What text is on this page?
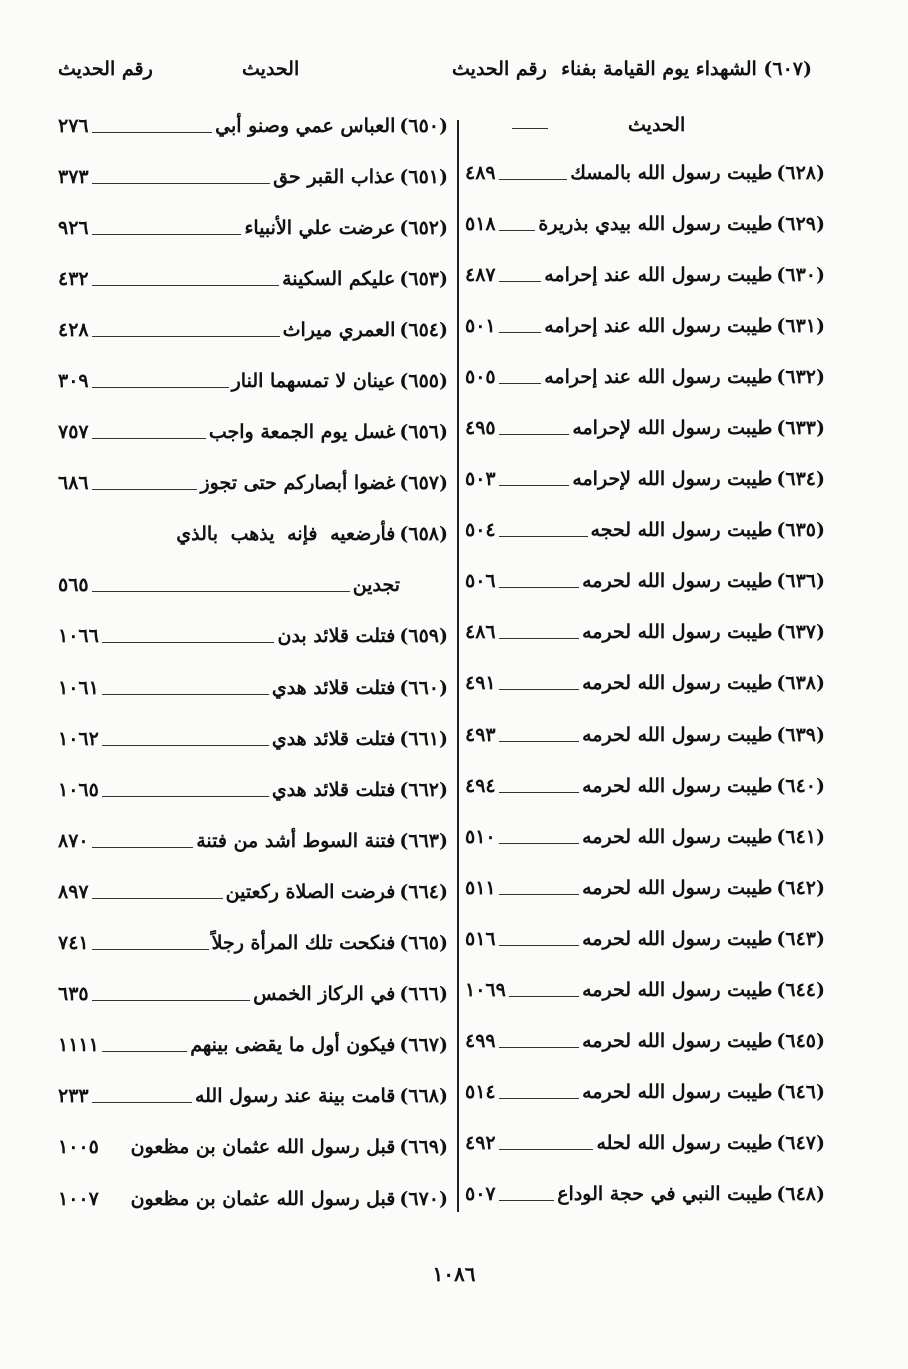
(٦٠٧) الشهداء يوم القيامة بفناء
رقم الحديث
الحديث
رقم الحديث
الحديث
(٦٢٨)
طيبت رسول الله بالمسك
٤٨٩
(٦٢٩)
طيبت رسول الله بيدي بذريرة
٥١٨
(٦٣٠)
طيبت رسول الله عند إحرامه
٤٨٧
(٦٣١)
طيبت رسول الله عند إحرامه
٥٠١
(٦٣٢)
طيبت رسول الله عند إحرامه
٥٠٥
(٦٣٣)
طيبت رسول الله لإحرامه
٤٩٥
(٦٣٤)
طيبت رسول الله لإحرامه
٥٠٣
(٦٣٥)
طيبت رسول الله لحجه
٥٠٤
(٦٣٦)
طيبت رسول الله لحرمه
٥٠٦
(٦٣٧)
طيبت رسول الله لحرمه
٤٨٦
(٦٣٨)
طيبت رسول الله لحرمه
٤٩١
(٦٣٩)
طيبت رسول الله لحرمه
٤٩٣
(٦٤٠)
طيبت رسول الله لحرمه
٤٩٤
(٦٤١)
طيبت رسول الله لحرمه
٥١٠
(٦٤٢)
طيبت رسول الله لحرمه
٥١١
(٦٤٣)
طيبت رسول الله لحرمه
٥١٦
(٦٤٤)
طيبت رسول الله لحرمه
١٠٦٩
(٦٤٥)
طيبت رسول الله لحرمه
٤٩٩
(٦٤٦)
طيبت رسول الله لحرمه
٥١٤
(٦٤٧)
طيبت رسول الله لحله
٤٩٢
(٦٤٨)
طيبت النبي في حجة الوداع
٥٠٧
(٦٥٠)
العباس عمي وصنو أبي
٢٧٦
(٦٥١)
عذاب القبر حق
٣٧٣
(٦٥٢)
عرضت علي الأنبياء
٩٢٦
(٦٥٣)
عليكم السكينة
٤٣٢
(٦٥٤)
العمري ميراث
٤٢٨
(٦٥٥)
عينان لا تمسهما النار
٣٠٩
(٦٥٦)
غسل يوم الجمعة واجب
٧٥٧
(٦٥٧)
غضوا أبصاركم حتى تجوز
٦٨٦
(٦٥٨)
فأرضعيه فإنه يذهب بالذي
تجدين
٥٦٥
(٦٥٩)
فتلت قلائد بدن
١٠٦٦
(٦٦٠)
فتلت قلائد هدي
١٠٦١
(٦٦١)
فتلت قلائد هدي
١٠٦٢
(٦٦٢)
فتلت قلائد هدي
١٠٦٥
(٦٦٣)
فتنة السوط أشد من فتنة
٨٧٠
(٦٦٤)
فرضت الصلاة ركعتين
٨٩٧
(٦٦٥)
فنكحت تلك المرأة رجلاً
٧٤١
(٦٦٦)
في الركاز الخمس
٦٣٥
(٦٦٧)
فيكون أول ما يقضى بينهم
١١١١
(٦٦٨)
قامت بينة عند رسول الله
٢٣٣
(٦٦٩)
قبل رسول الله عثمان بن مظعون
١٠٠٥
(٦٧٠)
قبل رسول الله عثمان بن مظعون
١٠٠٧
١٠٨٦
